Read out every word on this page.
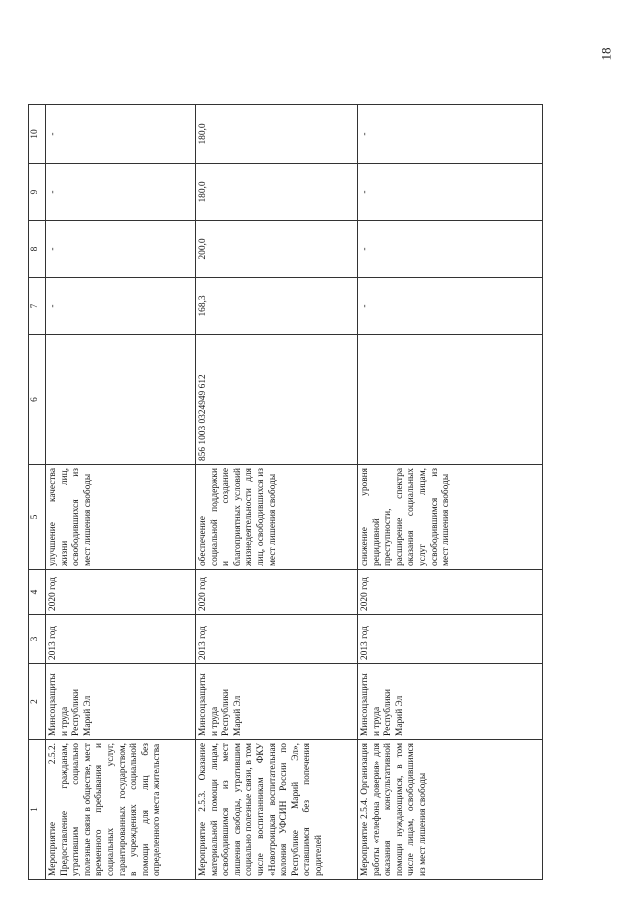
18
1	2	3	4	5	6	7	8	9	10
Мероприятие 2.5.2. Предоставление гражданам, утратившим социально полезные связи в обществе, мест временного пребывания и социальных услуг, гарантированных государством, в учреждениях социальной помощи для лиц без определенного места жительства	Минсоцзащиты и труда Республики Марий Эл	2013 год	2020 год	улучшение качества жизни лиц, освободившихся из мест лишения свободы		-	-	-	-
Мероприятие 2.5.3. Оказание материальной помощи лицам, освободившимся из мест лишения свободы, утратившим социально полезные связи, в том числе воспитанникам ФКУ «Новотроицкая воспитательная колония УФСИН России по Республике Марий Эл», оставшимся без попечения родителей	Минсоцзащиты и труда Республики Марий Эл	2013 год	2020 год	обеспечение социальной поддержки и создание благоприятных условий жизнедеятельности для лиц, освободившихся из мест лишения свободы	856 1003 0324949 612	168,3	200,0	180,0	180,0
Мероприятие 2.5.4. Организация работы «телефона доверия» для оказания консультативной помощи нуждающимся, в том числе лицам, освободившимся из мест лишения свободы	Минсоцзащиты и труда Республики Марий Эл	2013 год	2020 год	снижение уровня рецидивной преступности, расширение спектра оказания социальных услуг лицам, освободившимся из мест лишения свободы		-	-	-	-
